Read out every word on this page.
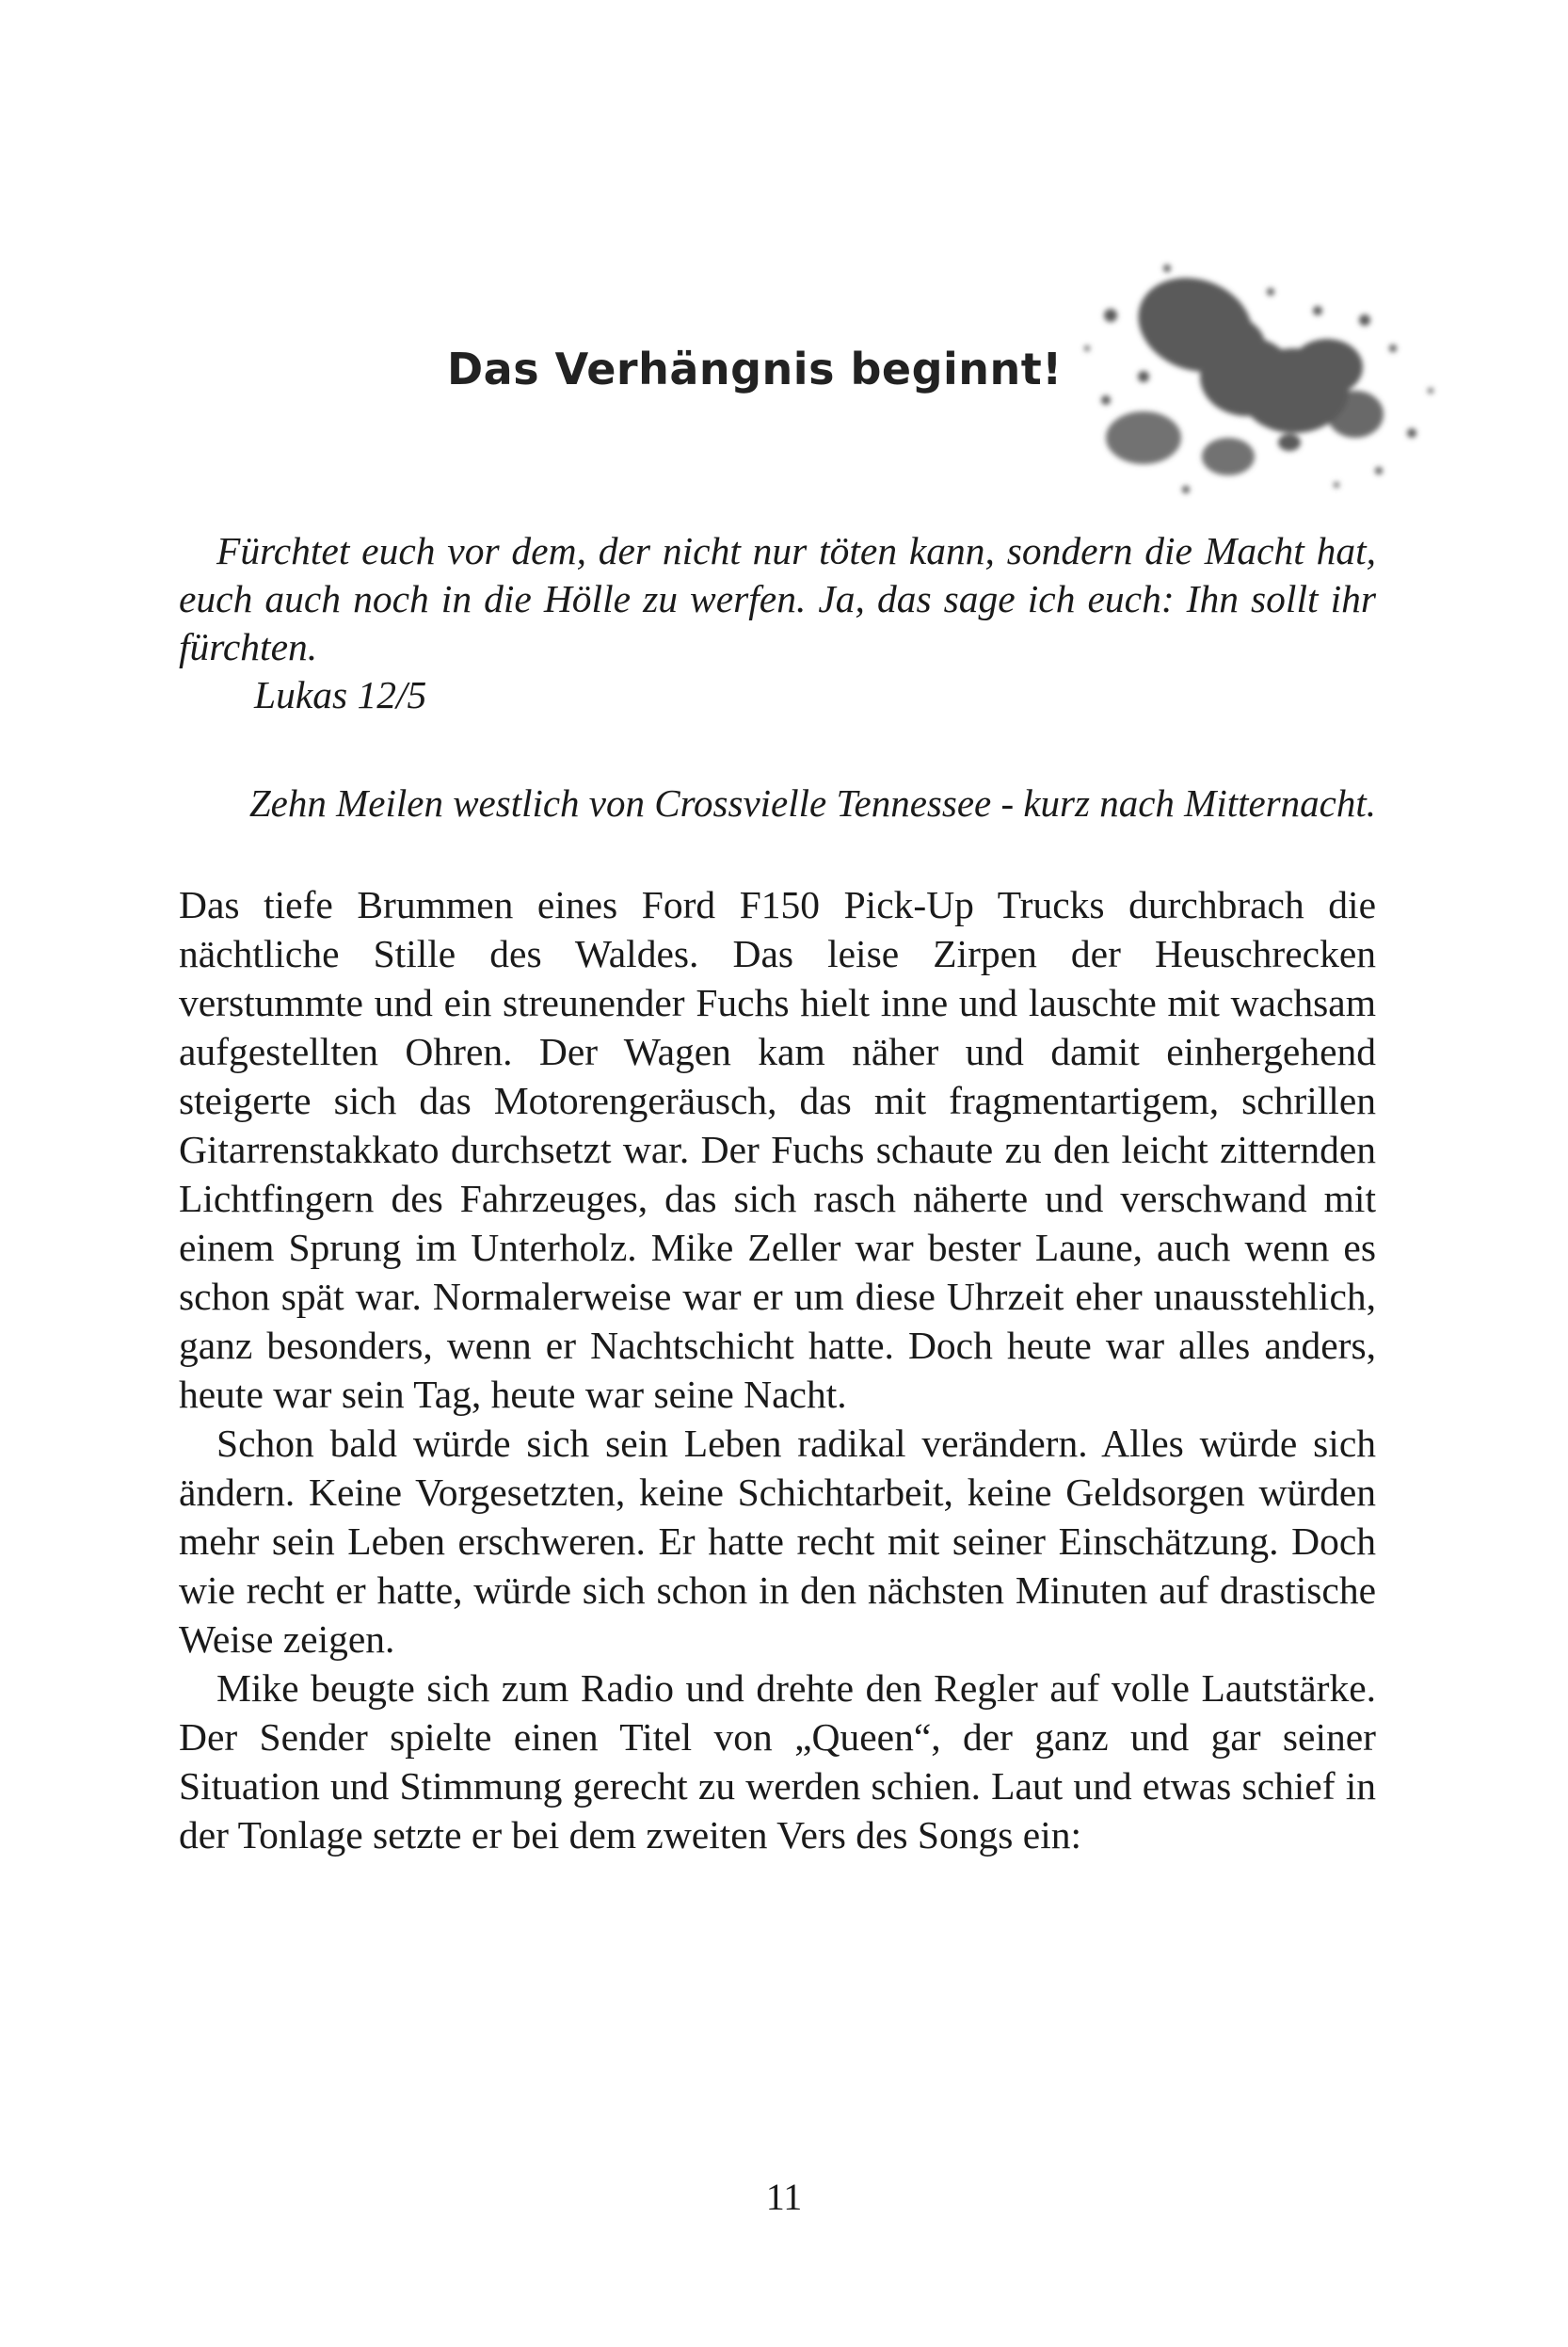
Das Verhängnis beginnt!

Fürchtet euch vor dem, der nicht nur töten kann, sondern die Macht hat, euch auch noch in die Hölle zu werfen. Ja, das sage ich euch: Ihn sollt ihr fürchten.

Lukas 12/5

Zehn Meilen westlich von Crossvielle Tennessee - kurz nach Mitternacht.

Das tiefe Brummen eines Ford F150 Pick-Up Trucks durchbrach die nächtliche Stille des Waldes. Das leise Zirpen der Heuschrecken verstummte und ein streunender Fuchs hielt inne und lauschte mit wachsam aufgestellten Ohren. Der Wagen kam näher und damit einhergehend steigerte sich das Motorengeräusch, das mit fragmentartigem, schrillen Gitarrenstakkato durchsetzt war. Der Fuchs schaute zu den leicht zitternden Lichtfingern des Fahrzeuges, das sich rasch näherte und verschwand mit einem Sprung im Unterholz. Mike Zeller war bester Laune, auch wenn es schon spät war. Normalerweise war er um diese Uhrzeit eher unausstehlich, ganz besonders, wenn er Nachtschicht hatte. Doch heute war alles anders, heute war sein Tag, heute war seine Nacht.

Schon bald würde sich sein Leben radikal verändern. Alles würde sich ändern. Keine Vorgesetzten, keine Schichtarbeit, keine Geldsorgen würden mehr sein Leben erschweren. Er hatte recht mit seiner Einschätzung. Doch wie recht er hatte, würde sich schon in den nächsten Minuten auf drastische Weise zeigen.

Mike beugte sich zum Radio und drehte den Regler auf volle Lautstärke. Der Sender spielte einen Titel von „Queen“, der ganz und gar seiner Situation und Stimmung gerecht zu werden schien. Laut und etwas schief in der Tonlage setzte er bei dem zweiten Vers des Songs ein:

11
